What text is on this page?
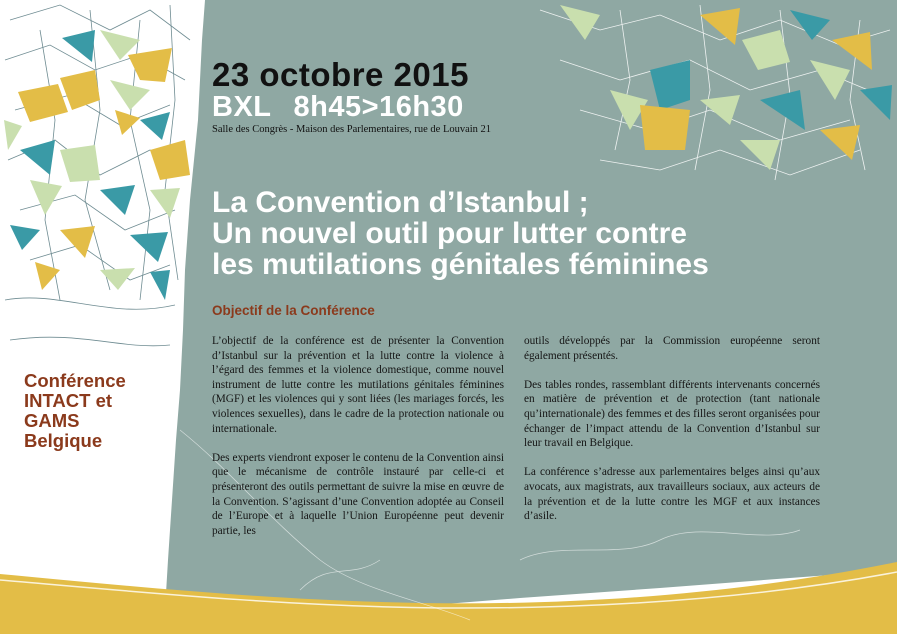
23 octobre 2015
BXL 8h45>16h30
Salle des Congrès - Maison des Parlementaires, rue de Louvain 21
La Convention d’Istanbul ;
Un nouvel outil pour lutter contre
les mutilations génitales féminines
Objectif de la Conférence
Conférence
INTACT et
GAMS
Belgique

L’objectif de la conférence est de présenter la Convention d’Istanbul sur la prévention et la lutte contre la violence à l’égard des femmes et la violence domestique, comme nouvel instrument de lutte contre les mutilations génitales féminines (MGF) et les violences qui y sont liées (les mariages forcés, les violences sexuelles), dans le cadre de la protection nationale ou internationale.

Des experts viendront exposer le contenu de la Convention ainsi que le mécanisme de contrôle instauré par celle-ci et présenteront des outils permettant de suivre la mise en œuvre de la Convention. S’agissant d’une Convention adoptée au Conseil de l’Europe et à laquelle l’Union Européenne peut devenir partie, les

outils développés par la Commission européenne seront également présentés.

Des tables rondes, rassemblant différents intervenants concernés en matière de prévention et de protection (tant nationale qu’internationale) des femmes et des filles seront organisées pour échanger de l’impact attendu de la Convention d’Istanbul sur leur travail en Belgique.

La conférence s’adresse aux parlementaires belges ainsi qu’aux avocats, aux magistrats, aux travailleurs sociaux, aux acteurs de la prévention et de la lutte contre les MGF et aux instances d’asile.
